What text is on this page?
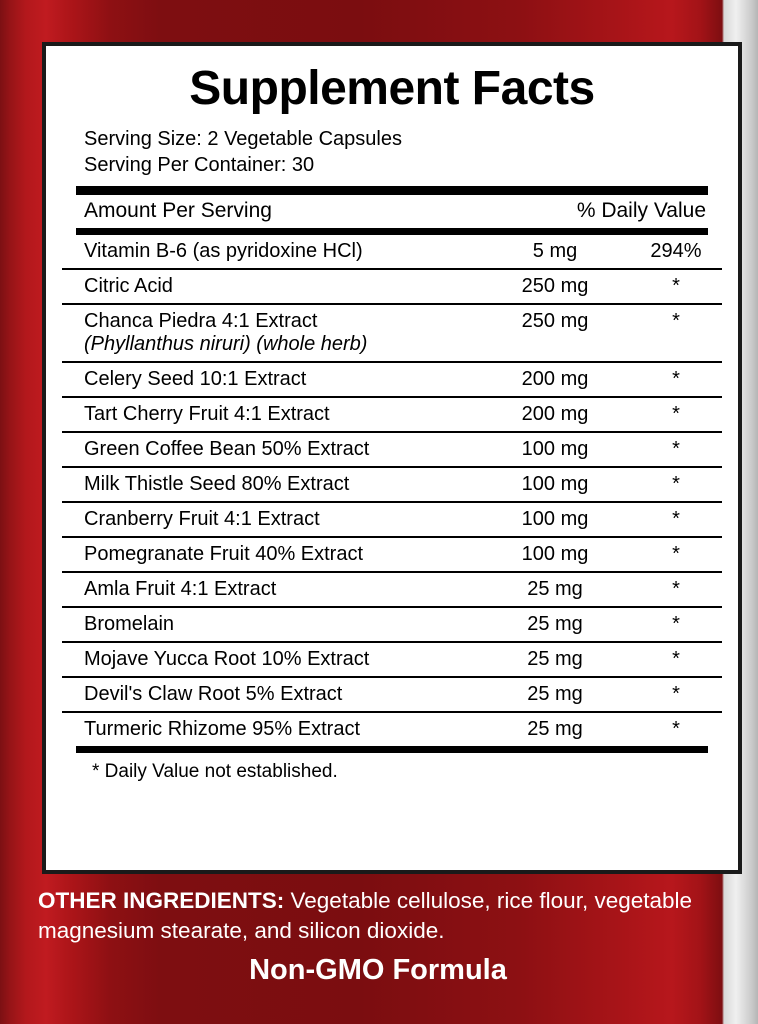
Supplement Facts
Serving Size: 2 Vegetable Capsules
Serving Per Container: 30
Amount Per Serving	% Daily Value
Vitamin B-6 (as pyridoxine HCl)	5 mg	294%
Citric Acid	250 mg	*

Chanca Piedra 4:1 Extract
(Phyllanthus niruri) (whole herb)	250 mg	*
Celery Seed 10:1 Extract	200 mg	*
Tart Cherry Fruit 4:1 Extract	200 mg	*
Green Coffee Bean 50% Extract	100 mg	*
Milk Thistle Seed 80% Extract	100 mg	*
Cranberry Fruit 4:1 Extract	100 mg	*
Pomegranate Fruit 40% Extract	100 mg	*
Amla Fruit 4:1 Extract	25 mg	*
Bromelain	25 mg	*
Mojave Yucca Root 10% Extract	25 mg	*
Devil's Claw Root 5% Extract	25 mg	*
Turmeric Rhizome 95% Extract	25 mg	*
* Daily Value not established.
OTHER INGREDIENTS: Vegetable cellulose, rice flour, vegetable magnesium stearate, and silicon dioxide.
Non-GMO Formula
